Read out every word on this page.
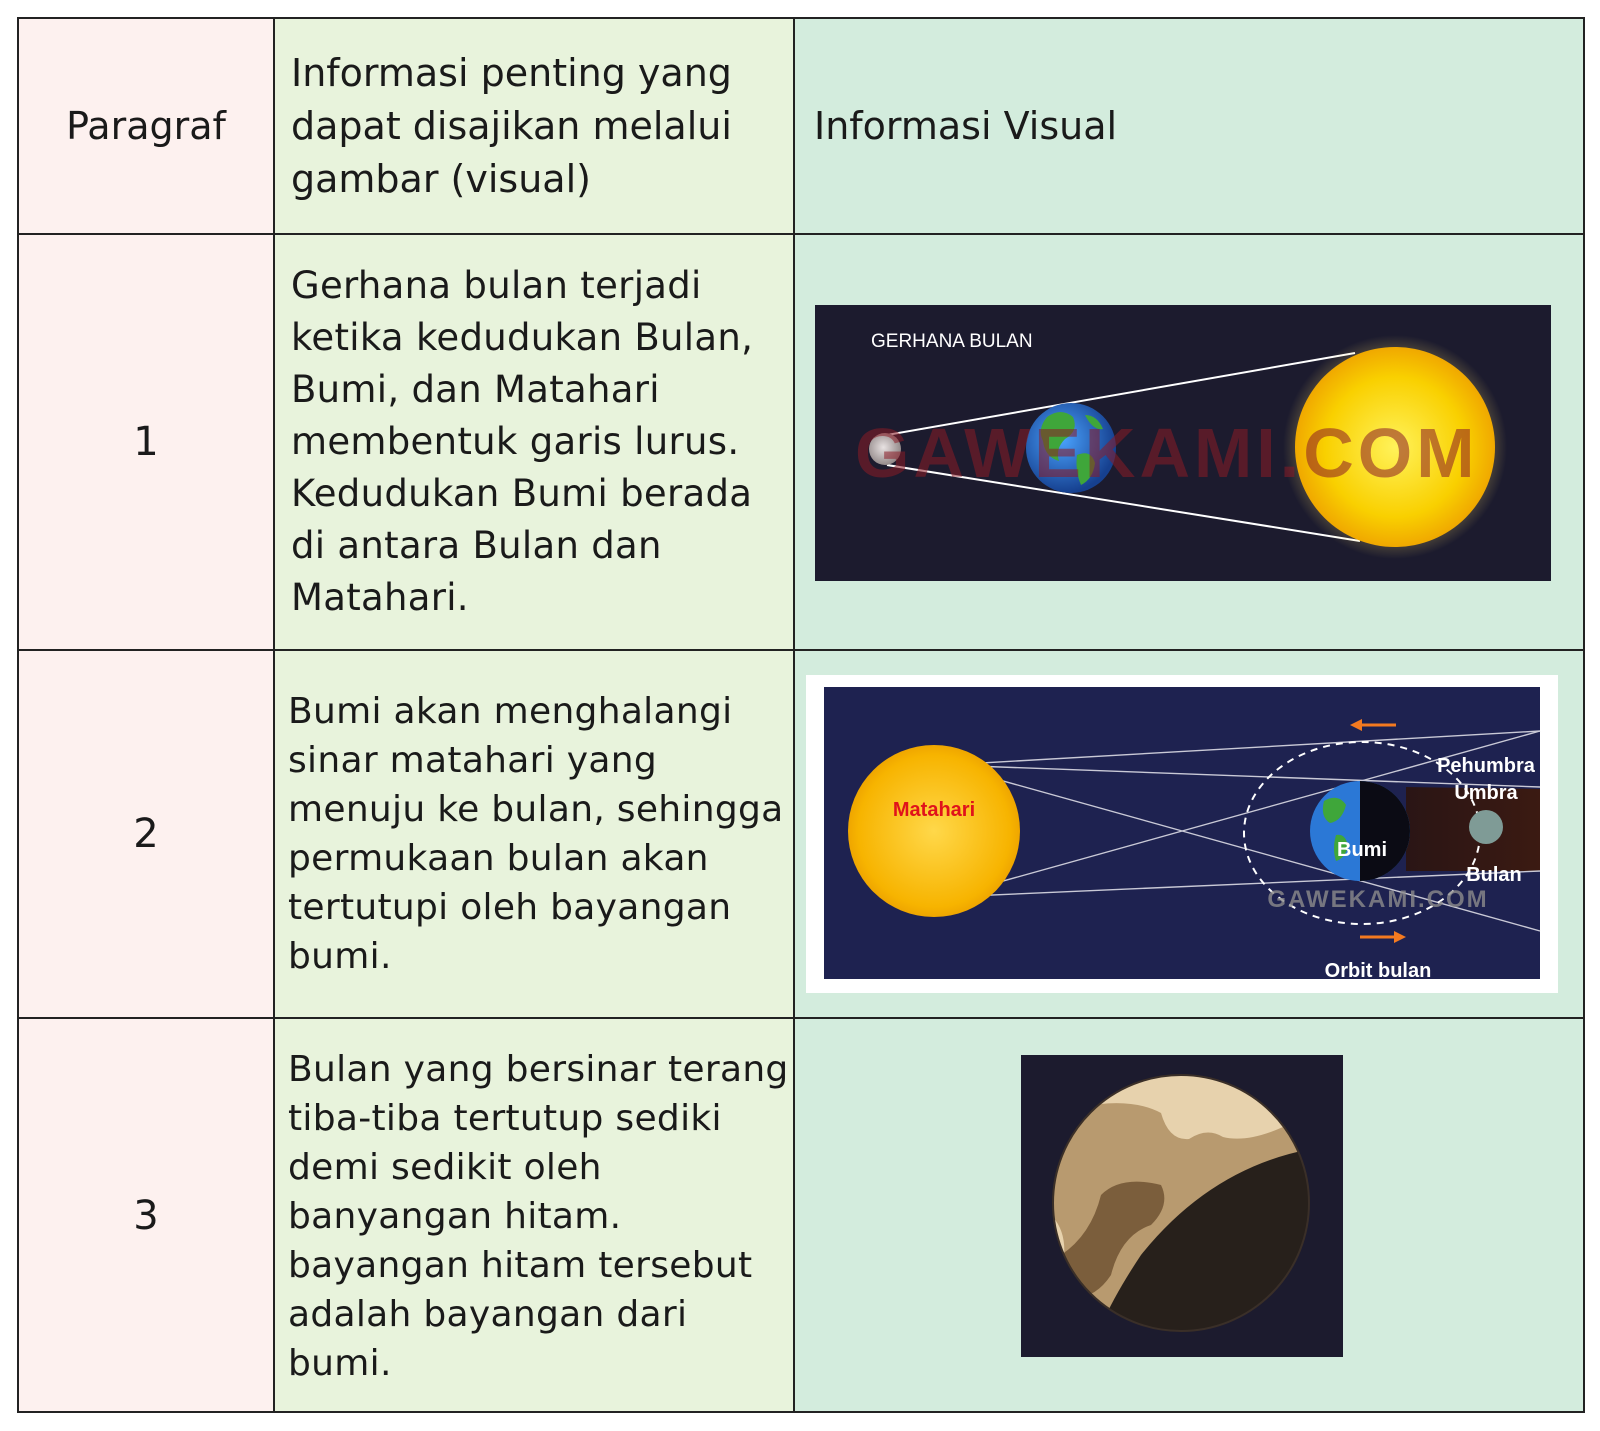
Paragraf
Informasi penting yang dapat disajikan melalui gambar (visual)
Informasi Visual
1
Gerhana bulan terjadi ketika kedudukan Bulan, Bumi, dan Matahari membentuk garis lurus. Kedudukan Bumi berada di antara Bulan dan Matahari.
GERHANA BULAN
GAWEKAMI.COM
2
Bumi akan menghalangi sinar matahari yang menuju ke bulan, sehingga permukaan bulan akan tertutupi oleh bayangan bumi.
Matahari
Bumi
Umbra
Pehumbra
Bulan
Orbit bulan
GAWEKAMI.COM
3
Bulan yang bersinar terang tiba-tiba tertutup sediki demi sedikit oleh banyangan hitam. bayangan hitam tersebut adalah bayangan dari bumi.
